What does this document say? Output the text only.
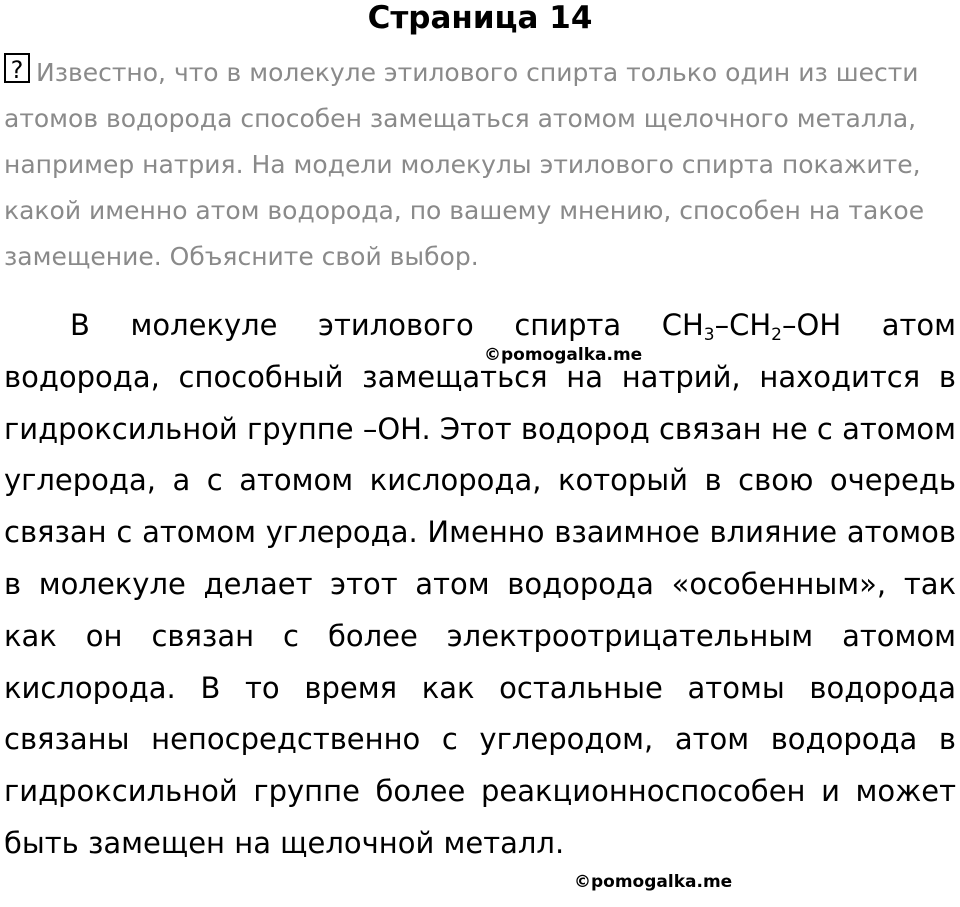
Страница 14

? Известно, что в молекуле этилового спирта только один из шести атомов водорода способен замещаться атомом щелочного металла, например натрия. На модели молекулы этилового спирта покажите, какой именно атом водорода, по вашему мнению, способен на такое замещение. Объясните свой выбор.

В молекуле этилового спирта $CH_3-CH_2-OH$ атом водорода, способный замещаться на натрий, находится в гидроксильной группе –OH. Этот водород связан не с атомом углерода, а с атомом кислорода, который в свою очередь связан с атомом углерода. Именно взаимное влияние атомов в молекуле делает этот атом водорода «особенным», так как он связан с более электроотрицательным атомом кислорода. В то время как остальные атомы водорода связаны непосредственно с углеродом, атом водорода в гидроксильной группе более реакционноспособен и может быть замещен на щелочной металл.

©pomogalka.me
©pomogalka.me
